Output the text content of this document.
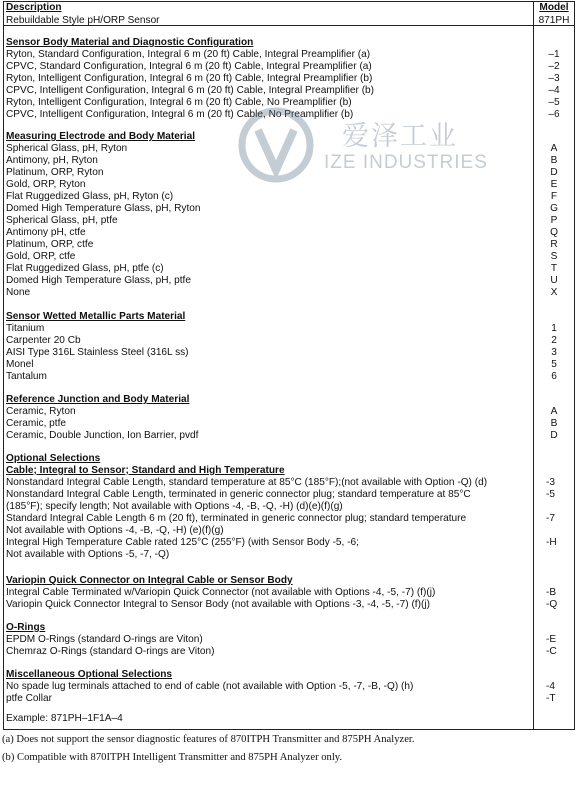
Description	Model
Rebuildable Style pH/ORP Sensor	871PH
Sensor Body Material and Diagnostic Configuration
Ryton, Standard Configuration, Integral 6 m (20 ft) Cable, Integral Preamplifier (a)	–1
CPVC, Standard Configuration, Integral 6 m (20 ft) Cable, Integral Preamplifier (a)	–2
Ryton, Intelligent Configuration, Integral 6 m (20 ft) Cable, Integral Preamplifier (b)	–3
CPVC, Intelligent Configuration, Integral 6 m (20 ft) Cable, Integral Preamplifier (b)	–4
Ryton, Intelligent Configuration, Integral 6 m (20 ft) Cable, No Preamplifier (b)	–5
CPVC, Intelligent Configuration, Integral 6 m (20 ft) Cable, No Preamplifier (b)	–6
Measuring Electrode and Body Material
Spherical Glass, pH, Ryton	A
Antimony, pH, Ryton	B
Platinum, ORP, Ryton	D
Gold, ORP, Ryton	E
Flat Ruggedized Glass, pH, Ryton (c)	F
Domed High Temperature Glass, pH, Ryton	G
Spherical Glass, pH, ptfe	P
Antimony pH, ctfe	Q
Platinum, ORP, ctfe	R
Gold, ORP, ctfe	S
Flat Ruggedized Glass, pH, ptfe (c)	T
Domed High Temperature Glass, pH, ptfe	U
None	X
Sensor Wetted Metallic Parts Material
Titanium	1
Carpenter 20 Cb	2
AISI Type 316L Stainless Steel (316L ss)	3
Monel	5
Tantalum	6
Reference Junction and Body Material
Ceramic, Ryton	A
Ceramic, ptfe	B
Ceramic, Double Junction, Ion Barrier, pvdf	D
Optional Selections
Cable; Integral to Sensor; Standard and High Temperature
Nonstandard Integral Cable Length, standard temperature at 85°C (185°F);(not available with Option -Q) (d)	-3
Nonstandard Integral Cable Length, terminated in generic connector plug; standard temperature at 85°C	-5
(185°F); specify length; Not available with Options -4, -B, -Q, -H) (d)(e)(f)(g)
Standard Integral Cable Length 6 m (20 ft), terminated in generic connector plug; standard temperature	-7
Not available with Options -4, -B, -Q, -H) (e)(f)(g)
Integral High Temperature Cable rated 125°C (255°F) (with Sensor Body -5, -6;	-H
Not available with Options -5, -7, -Q)
Variopin Quick Connector on Integral Cable or Sensor Body
Integral Cable Terminated w/Variopin Quick Connector (not available with Options -4, -5, -7) (f)(j)	-B
Variopin Quick Connector Integral to Sensor Body (not available with Options -3, -4, -5, -7) (f)(j)	-Q
O-Rings
EPDM O-Rings (standard O-rings are Viton)	-E
Chemraz O-Rings (standard O-rings are Viton)	-C
Miscellaneous Optional Selections
No spade lug terminals attached to end of cable (not available with Option -5, -7, -B, -Q) (h)	-4
ptfe Collar	-T
Example: 871PH–1F1A–4
爱泽工业
IZE INDUSTRIES
(a) Does not support the sensor diagnostic features of 870ITPH Transmitter and 875PH Analyzer.
(b) Compatible with 870ITPH Intelligent Transmitter and 875PH Analyzer only.
